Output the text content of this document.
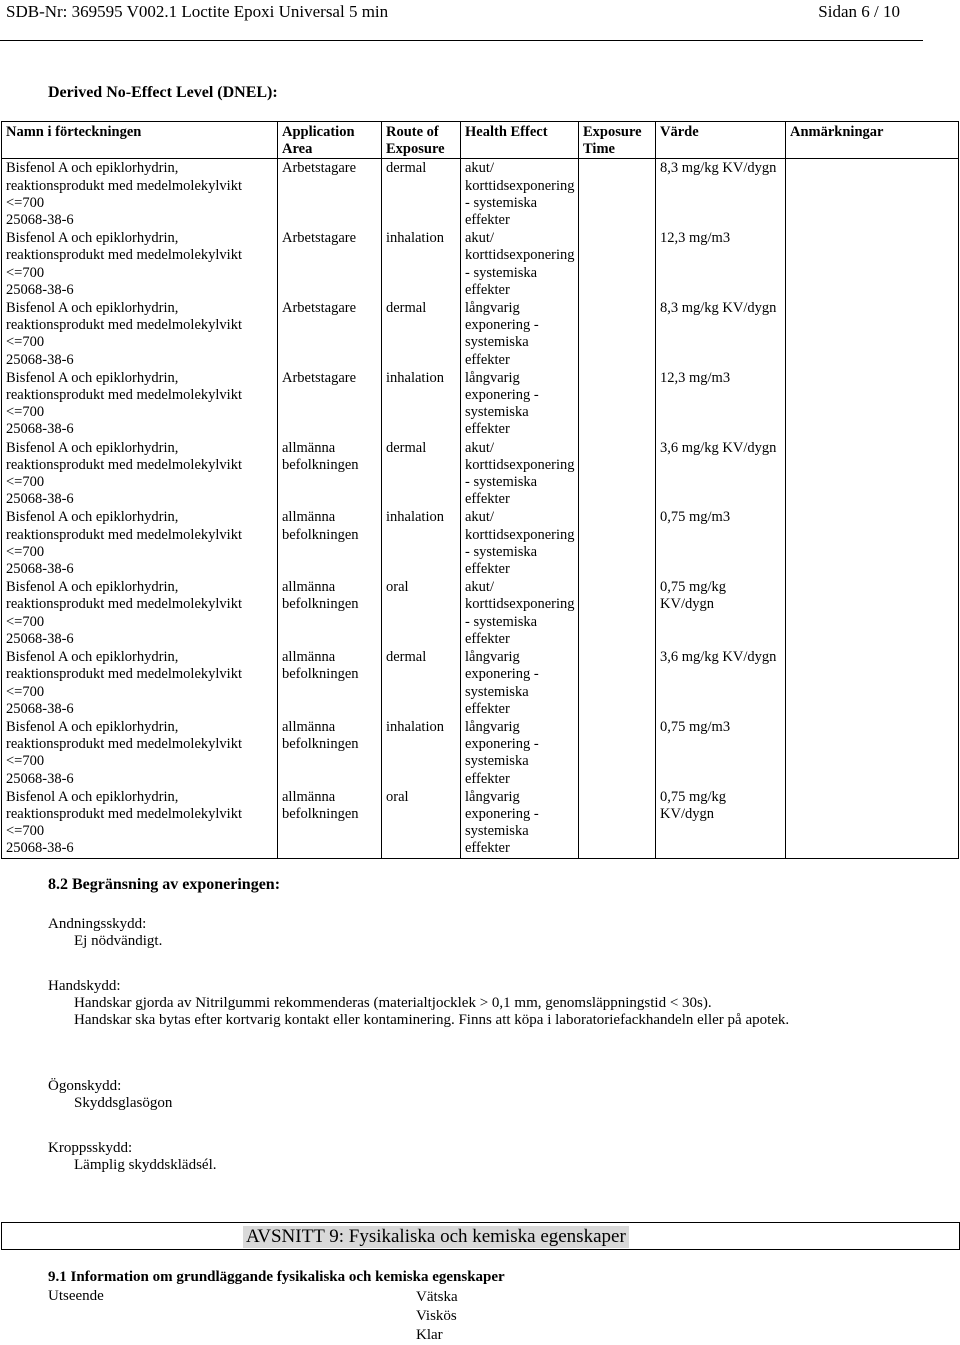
SDB-Nr: 369595 V002.1 Loctite Epoxi Universal 5 min	Sidan 6 / 10
Derived No-Effect Level (DNEL):
Namn i förteckningen	Application Area	Route of Exposure	Health Effect	Exposure Time	Värde	Anmärkningar

Bisfenol A och epiklorhydrin,
reaktionsprodukt med medelmolekylvikt
<=700
25068-38-6	Arbetstagare	dermal	akut/ korttidsexponering - systemiska effekter		8,3 mg/kg KV/dygn	

Bisfenol A och epiklorhydrin,
reaktionsprodukt med medelmolekylvikt
<=700
25068-38-6	Arbetstagare	inhalation	akut/ korttidsexponering - systemiska effekter		12,3 mg/m3	

Bisfenol A och epiklorhydrin,
reaktionsprodukt med medelmolekylvikt
<=700
25068-38-6	Arbetstagare	dermal	långvarig exponering - systemiska effekter		8,3 mg/kg KV/dygn	

Bisfenol A och epiklorhydrin,
reaktionsprodukt med medelmolekylvikt
<=700
25068-38-6	Arbetstagare	inhalation	långvarig exponering - systemiska effekter		12,3 mg/m3	

Bisfenol A och epiklorhydrin,
reaktionsprodukt med medelmolekylvikt
<=700
25068-38-6	allmänna befolkningen	dermal	akut/ korttidsexponering - systemiska effekter		3,6 mg/kg KV/dygn	

Bisfenol A och epiklorhydrin,
reaktionsprodukt med medelmolekylvikt
<=700
25068-38-6	allmänna befolkningen	inhalation	akut/ korttidsexponering - systemiska effekter		0,75 mg/m3	

Bisfenol A och epiklorhydrin,
reaktionsprodukt med medelmolekylvikt
<=700
25068-38-6	allmänna befolkningen	oral	akut/ korttidsexponering - systemiska effekter		0,75 mg/kg KV/dygn	

Bisfenol A och epiklorhydrin,
reaktionsprodukt med medelmolekylvikt
<=700
25068-38-6	allmänna befolkningen	dermal	långvarig exponering - systemiska effekter		3,6 mg/kg KV/dygn	

Bisfenol A och epiklorhydrin,
reaktionsprodukt med medelmolekylvikt
<=700
25068-38-6	allmänna befolkningen	inhalation	långvarig exponering - systemiska effekter		0,75 mg/m3	

Bisfenol A och epiklorhydrin,
reaktionsprodukt med medelmolekylvikt
<=700
25068-38-6	allmänna befolkningen	oral	långvarig exponering - systemiska effekter		0,75 mg/kg KV/dygn	
8.2 Begränsning av exponeringen:
Andningsskydd:
Ej nödvändigt.
Handskydd:
Handskar gjorda av Nitrilgummi rekommenderas (materialtjocklek > 0,1 mm, genomsläppningstid < 30s).
Handskar ska bytas efter kortvarig kontakt eller kontaminering. Finns att köpa i laboratoriefackhandeln eller på apotek.
Ögonskydd:
Skyddsglasögon
Kroppsskydd:
Lämplig skyddsklädsél.
AVSNITT 9: Fysikaliska och kemiska egenskaper
9.1 Information om grundläggande fysikaliska och kemiska egenskaper
Utseende	Vätska
Viskös
Klar
